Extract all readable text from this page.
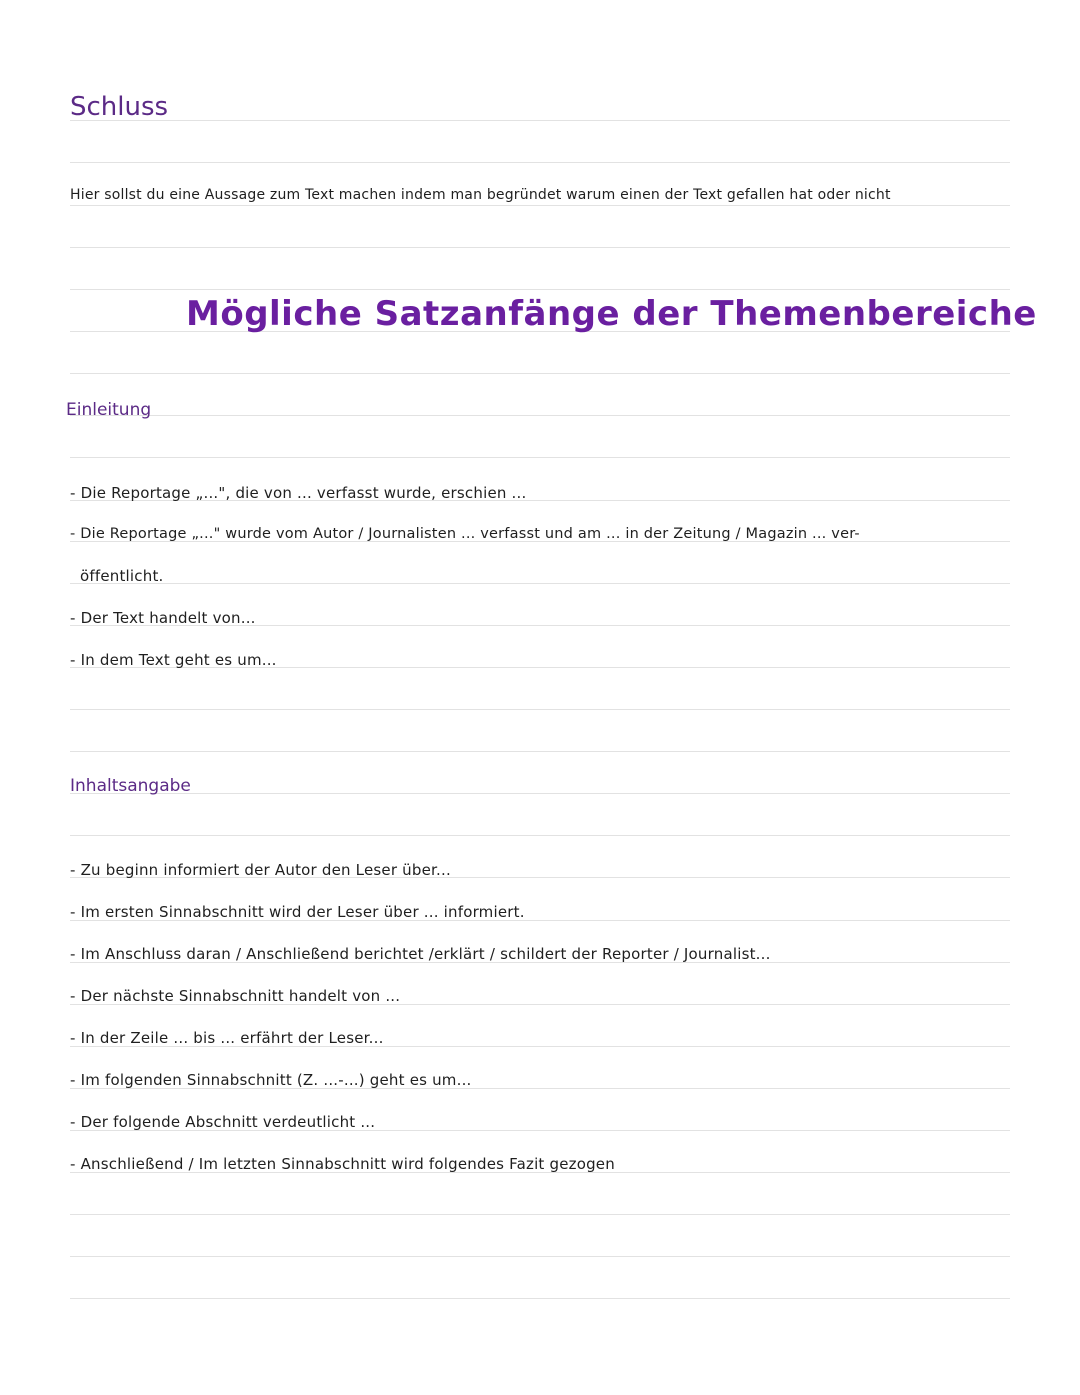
Schluss
Hier sollst du eine Aussage zum Text machen indem man begründet warum einen der Text gefallen hat oder nicht
Mögliche Satzanfänge der Themenbereiche
Einleitung
- Die Reportage „...", die von ... verfasst wurde, erschien ...
- Die Reportage „..." wurde vom Autor / Journalisten ... verfasst und am ... in der Zeitung / Magazin ... ver-
öffentlicht.
- Der Text handelt von...
- In dem Text geht es um...
Inhaltsangabe
- Zu beginn informiert der Autor den Leser über...
- Im ersten Sinnabschnitt wird der Leser über ... informiert.
- Im Anschluss daran / Anschließend berichtet /erklärt / schildert der Reporter / Journalist...
- Der nächste Sinnabschnitt handelt von ...
- In der Zeile ... bis ... erfährt der Leser...
- Im folgenden Sinnabschnitt (Z. ...-...) geht es um...
- Der folgende Abschnitt verdeutlicht ...
- Anschließend / Im letzten Sinnabschnitt wird folgendes Fazit gezogen
